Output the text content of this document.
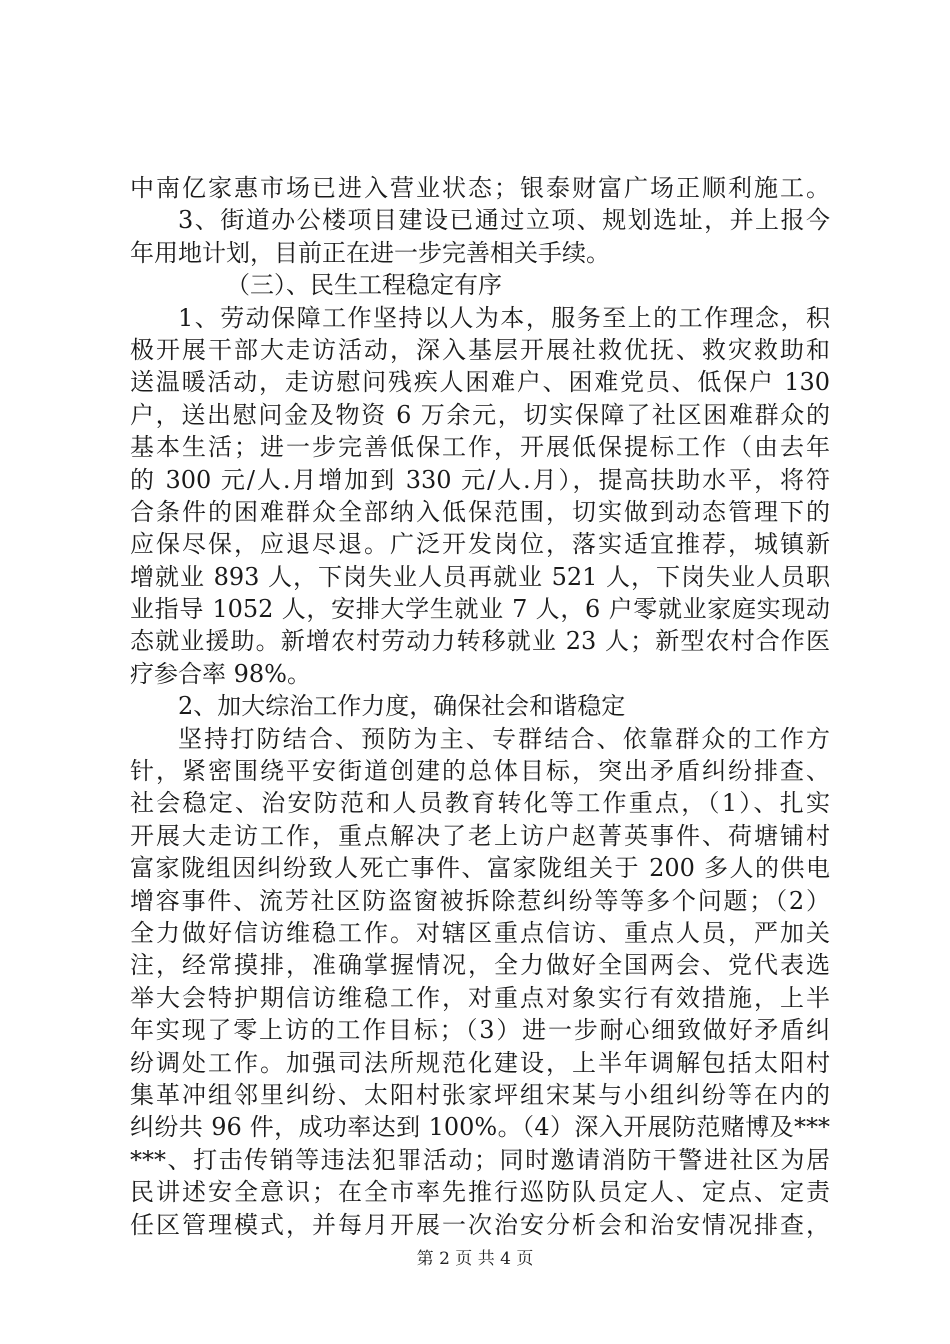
中南亿家惠市场已进入营业状态；银泰财富广场正顺利施工。
3、街道办公楼项目建设已通过立项、规划选址，并上报今
年用地计划，目前正在进一步完善相关手续。
（三）、民生工程稳定有序
1、劳动保障工作坚持以人为本，服务至上的工作理念，积
极开展干部大走访活动，深入基层开展社救优抚、救灾救助和
送温暖活动，走访慰问残疾人困难户、困难党员、低保户 130
户，送出慰问金及物资 6 万余元，切实保障了社区困难群众的
基本生活；进一步完善低保工作，开展低保提标工作（由去年
的 300 元/人.月增加到 330 元/人.月），提高扶助水平，将符
合条件的困难群众全部纳入低保范围，切实做到动态管理下的
应保尽保，应退尽退。广泛开发岗位，落实适宜推荐，城镇新
增就业 893 人，下岗失业人员再就业 521 人，下岗失业人员职
业指导 1052 人，安排大学生就业 7 人，6 户零就业家庭实现动
态就业援助。新增农村劳动力转移就业 23 人；新型农村合作医
疗参合率 98%。
2、加大综治工作力度，确保社会和谐稳定
坚持打防结合、预防为主、专群结合、依靠群众的工作方
针，紧密围绕平安街道创建的总体目标，突出矛盾纠纷排查、
社会稳定、治安防范和人员教育转化等工作重点，（1）、扎实
开展大走访工作，重点解决了老上访户赵菁英事件、荷塘铺村
富家陇组因纠纷致人死亡事件、富家陇组关于 200 多人的供电
增容事件、流芳社区防盗窗被拆除惹纠纷等等多个问题；（2）
全力做好信访维稳工作。对辖区重点信访、重点人员，严加关
注，经常摸排，准确掌握情况，全力做好全国两会、党代表选
举大会特护期信访维稳工作，对重点对象实行有效措施，上半
年实现了零上访的工作目标；（3）进一步耐心细致做好矛盾纠
纷调处工作。加强司法所规范化建设，上半年调解包括太阳村
集革冲组邻里纠纷、太阳村张家坪组宋某与小组纠纷等在内的
纠纷共 96 件，成功率达到 100%。（4）深入开展防范赌博及***
***、打击传销等违法犯罪活动；同时邀请消防干警进社区为居
民讲述安全意识；在全市率先推行巡防队员定人、定点、定责
任区管理模式，并每月开展一次治安分析会和治安情况排查，
第 2 页 共 4 页
